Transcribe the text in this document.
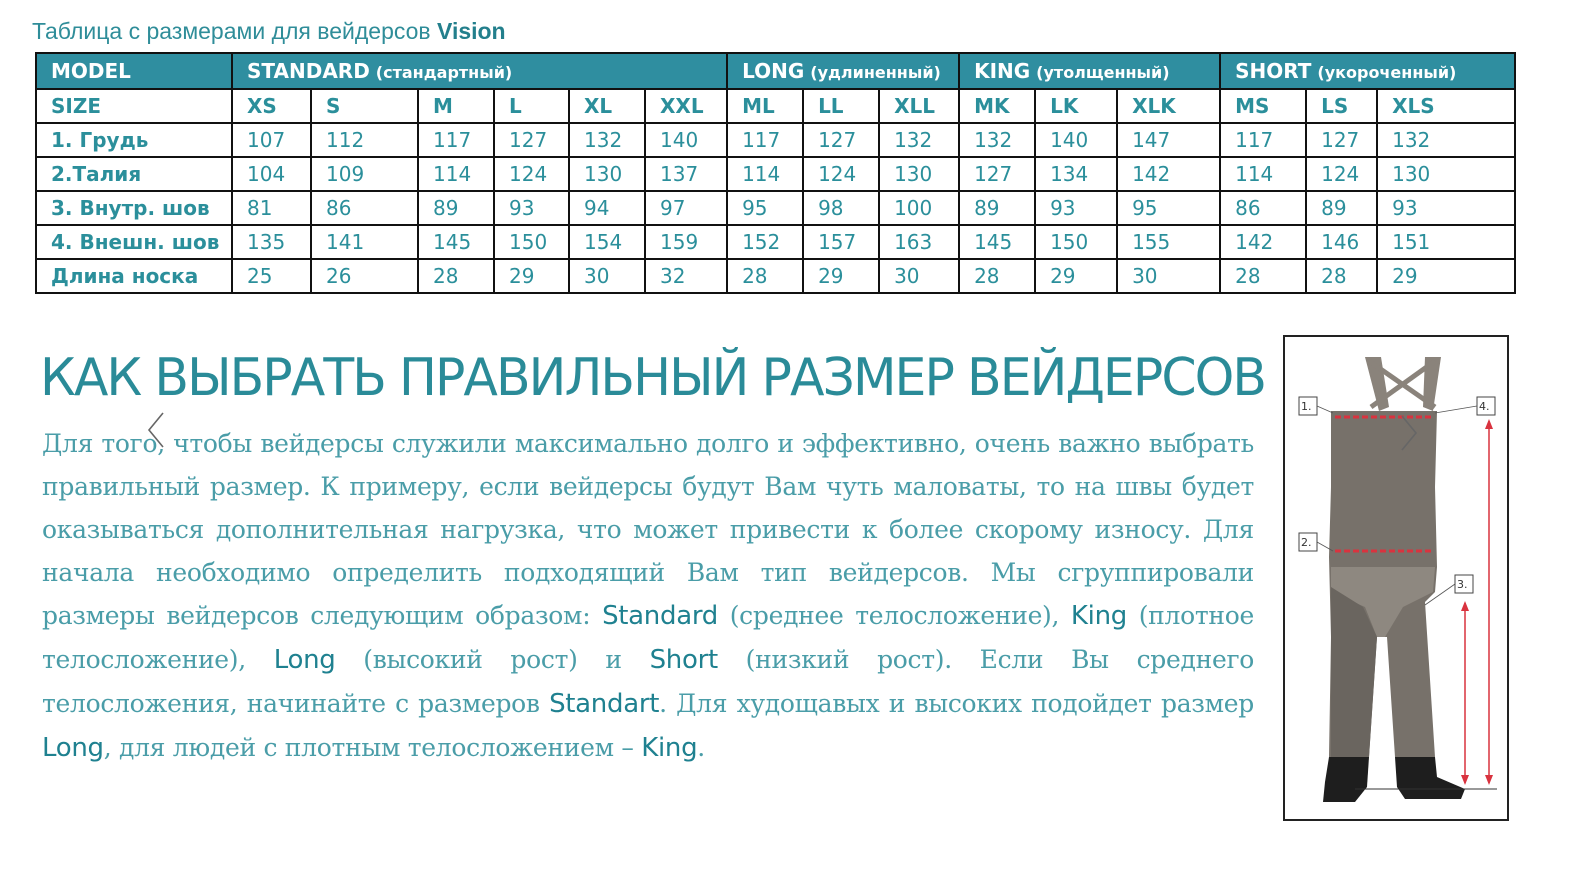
Таблица с размерами для вейдерсов Vision
MODEL	STANDARD (стандартный)						LONG (удлиненный)			KING (утолщенный)			SHORT (укороченный)		
SIZE	XS	S	M	L	XL	XXL	ML	LL	XLL	MK	LK	XLK	MS	LS	XLS
1. Грудь	107	112	117	127	132	140	117	127	132	132	140	147	117	127	132
2.Талия	104	109	114	124	130	137	114	124	130	127	134	142	114	124	130
3. Внутр. шов	81	86	89	93	94	97	95	98	100	89	93	95	86	89	93
4. Внешн. шов	135	141	145	150	154	159	152	157	163	145	150	155	142	146	151
Длина носка	25	26	28	29	30	32	28	29	30	28	29	30	28	28	29
КАК ВЫБРАТЬ ПРАВИЛЬНЫЙ РАЗМЕР ВЕЙДЕРСОВ
Для того, чтобы вейдерсы служили максимально долго и эффективно, очень важно выбрать правильный размер. К примеру, если вейдерсы будут Вам чуть маловаты, то на швы будет оказываться дополнительная нагрузка, что может привести к более скорому износу. Для начала необходимо определить подходящий Вам тип вейдерсов. Мы сгруппировали размеры вейдерсов следующим образом: Standard (среднее телосложение), King (плотное телосложение), Long (высокий рост) и Short (низкий рост). Если Вы среднего телосложения, начинайте с размеров Standart. Для худощавых и высоких подойдет размер Long, для людей с плотным телосложением – King.
1.	4.
2.
3.
